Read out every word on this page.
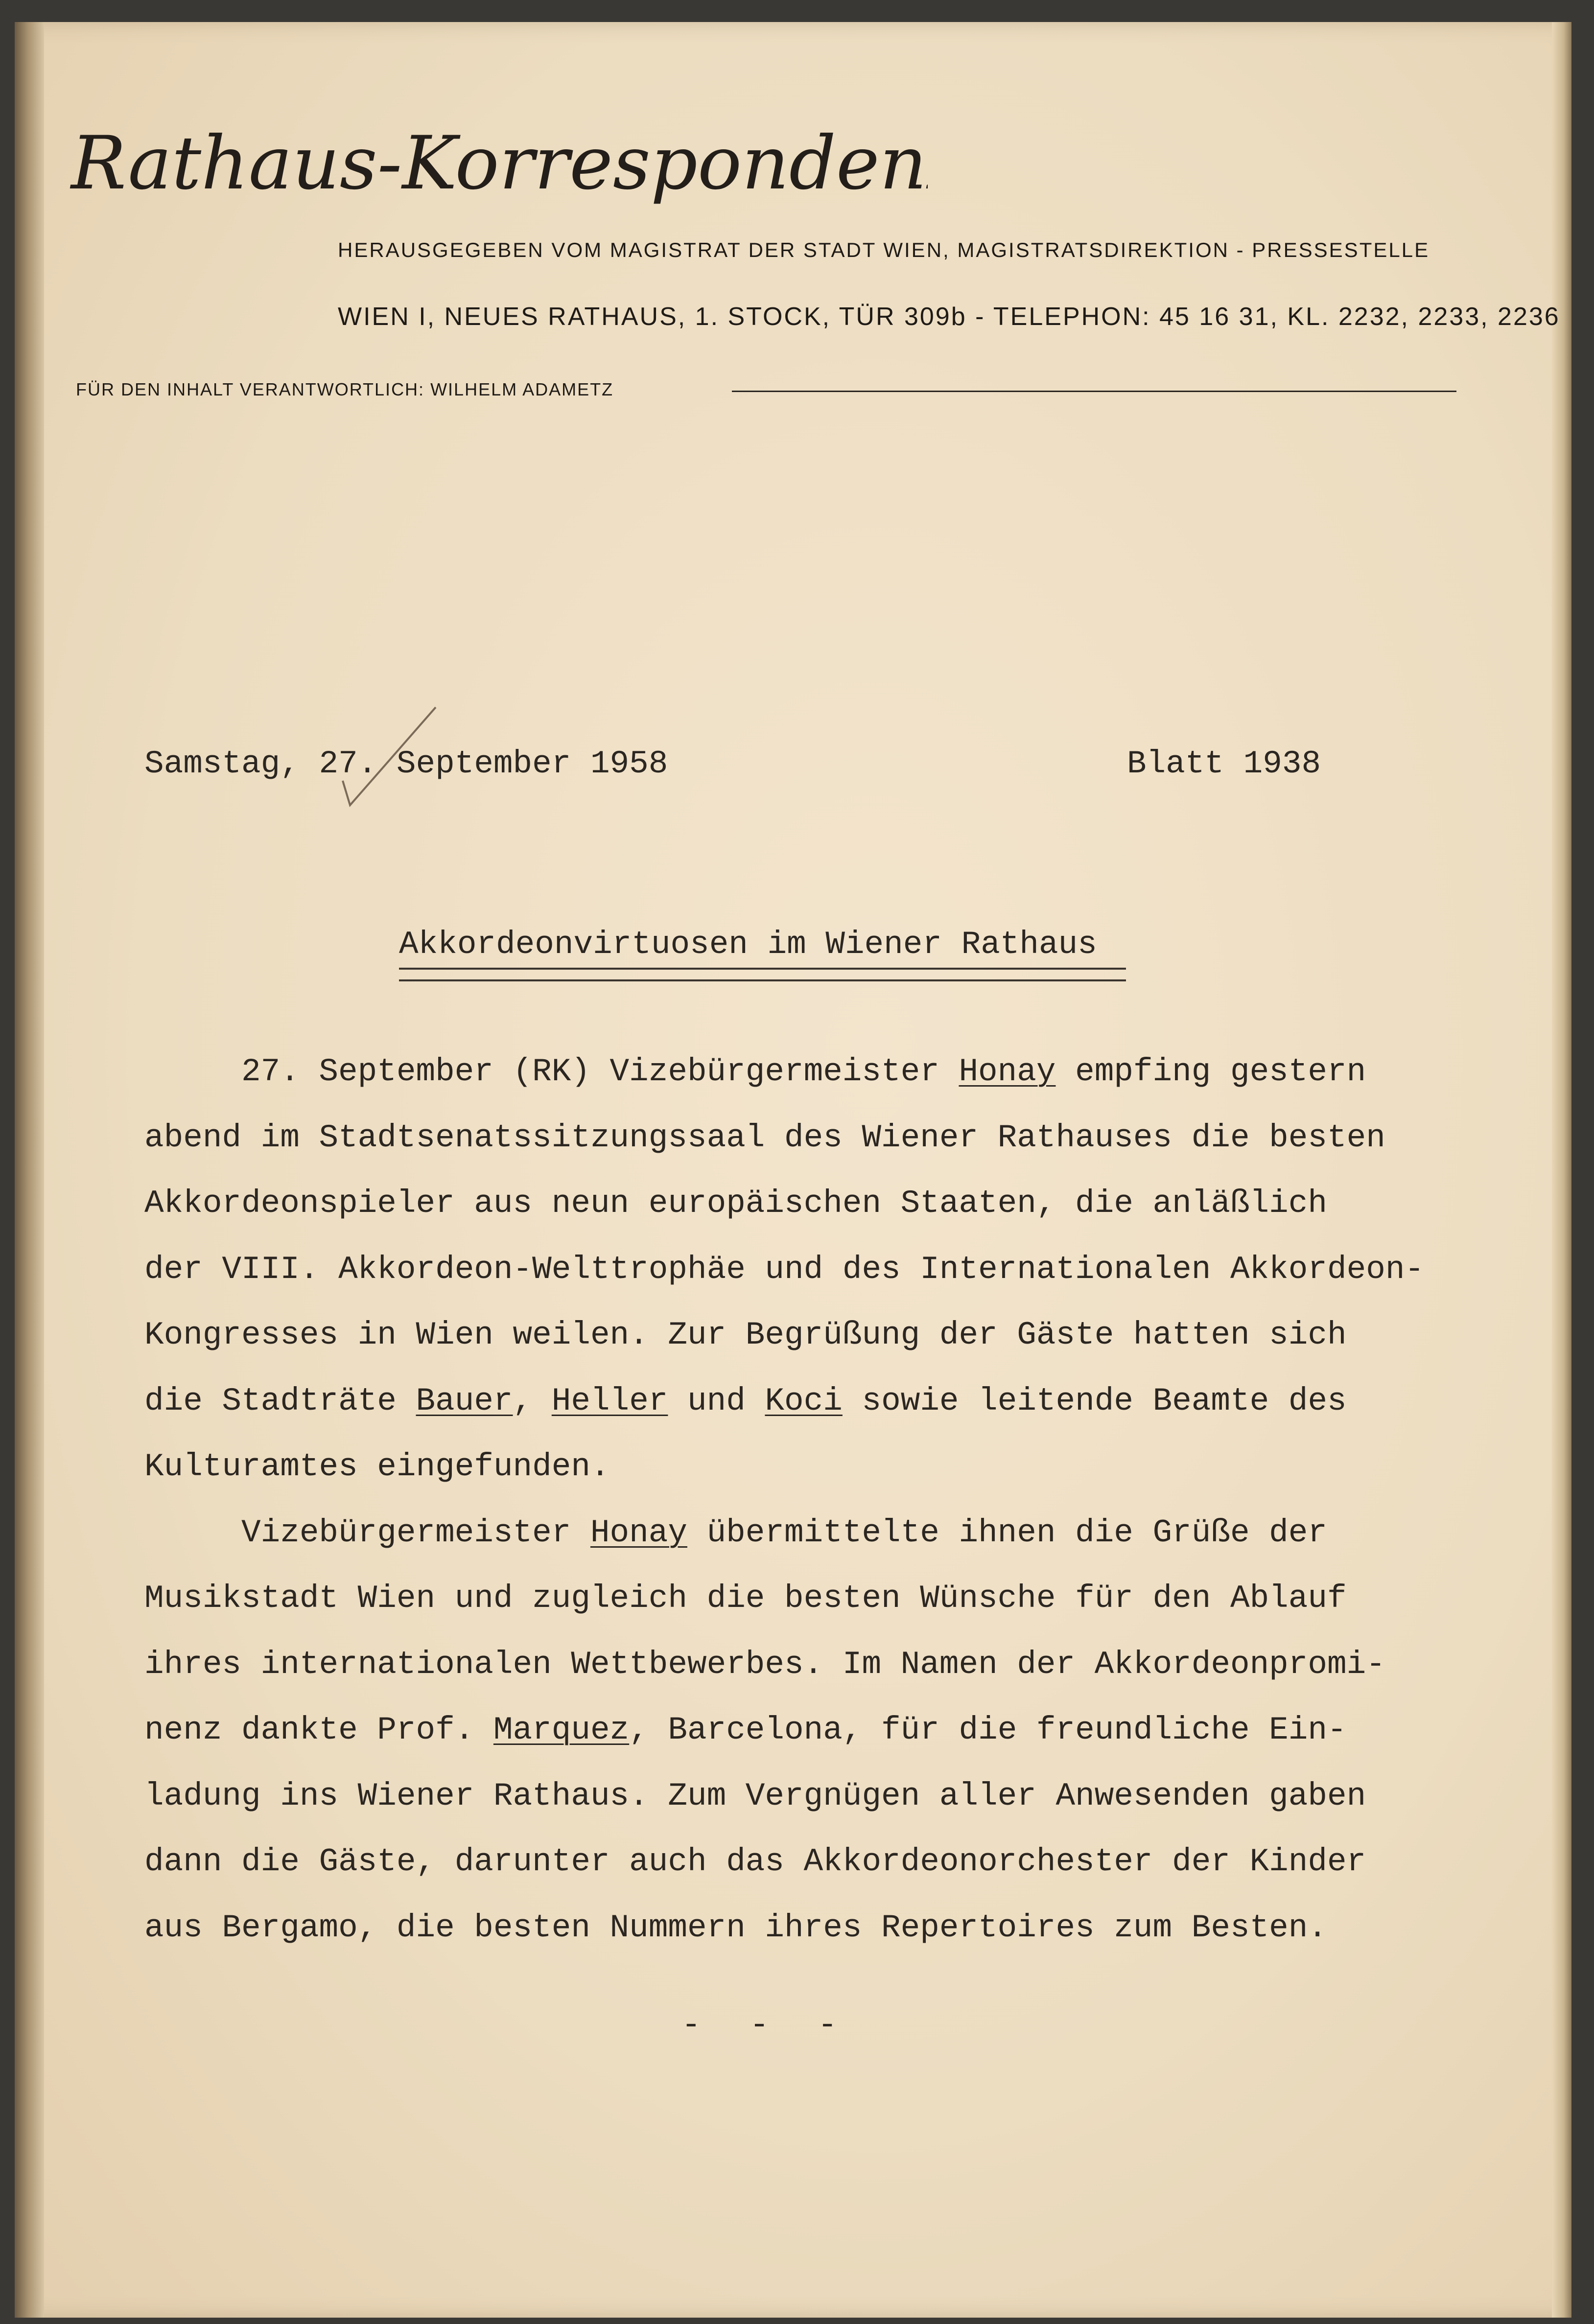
Rathaus-Korrespondenz
HERAUSGEGEBEN VOM MAGISTRAT DER STADT WIEN, MAGISTRATSDIREKTION - PRESSESTELLE
WIEN I, NEUES RATHAUS, 1. STOCK, TÜR 309b - TELEPHON: 45 16 31, KL. 2232, 2233, 2236
FÜR DEN INHALT VERANTWORTLICH: WILHELM ADAMETZ
Samstag, 27. September 1958	Blatt 1938
Akkordeonvirtuosen im Wiener Rathaus
27. September (RK) Vizebürgermeister Honay empfing gestern
abend im Stadtsenatssitzungssaal des Wiener Rathauses die besten
Akkordeonspieler aus neun europäischen Staaten, die anläßlich
der VIII. Akkordeon-Welttrophäe und des Internationalen Akkordeon-
Kongresses in Wien weilen. Zur Begrüßung der Gäste hatten sich
die Stadträte Bauer, Heller und Koci sowie leitende Beamte des
Kulturamtes eingefunden.
Vizebürgermeister Honay übermittelte ihnen die Grüße der
Musikstadt Wien und zugleich die besten Wünsche für den Ablauf
ihres internationalen Wettbewerbes. Im Namen der Akkordeonpromi-
nenz dankte Prof. Marquez, Barcelona, für die freundliche Ein-
ladung ins Wiener Rathaus. Zum Vergnügen aller Anwesenden gaben
dann die Gäste, darunter auch das Akkordeonorchester der Kinder
aus Bergamo, die besten Nummern ihres Repertoires zum Besten.
- - -
